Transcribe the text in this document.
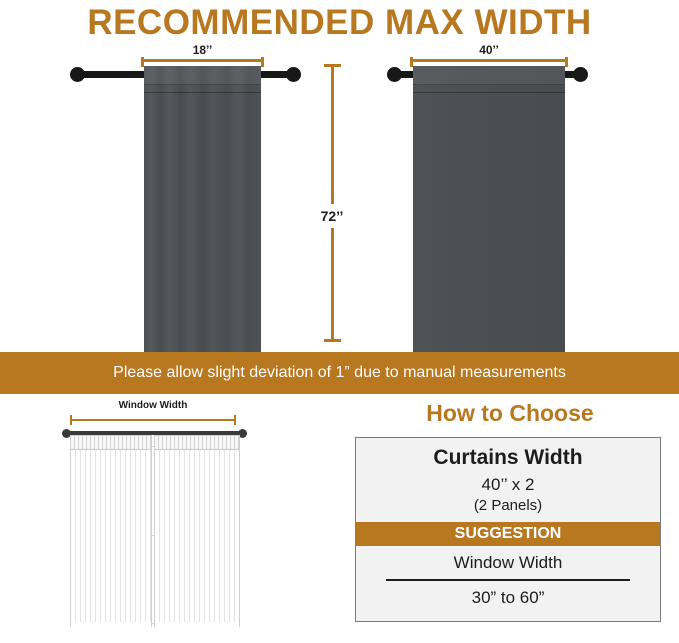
RECOMMENDED MAX WIDTH
18’’	40’’
72’’
Please allow slight deviation of 1” due to manual measurements
Window Width	How to Choose
Curtains Width
40’’ x 2
(2 Panels)
SUGGESTION
Window Width
30” to 60”
